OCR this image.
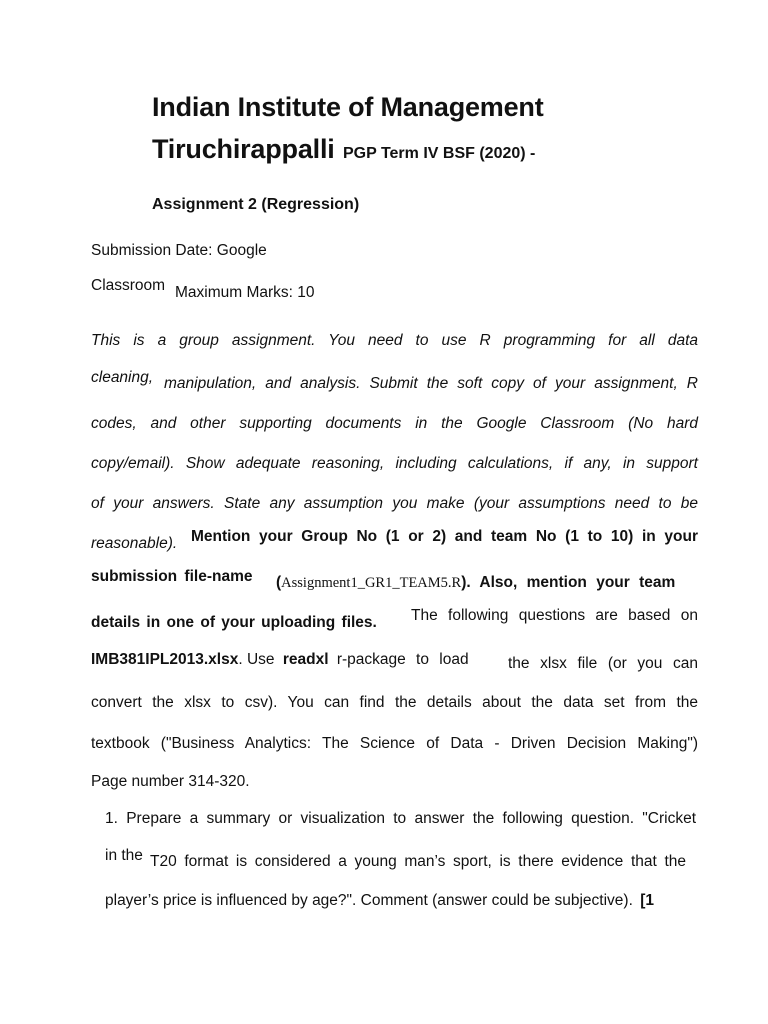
Indian Institute of Management
Tiruchirappalli PGP Term IV BSF (2020) -
Assignment 2 (Regression)
Submission Date: Google
Classroom Maximum Marks: 10
This is a group assignment. You need to use R programming for all data
cleaning, manipulation, and analysis. Submit the soft copy of your assignment, R
codes, and other supporting documents in the Google Classroom (No hard
copy/email). Show adequate reasoning, including calculations, if any, in support
of your answers. State any assumption you make (your assumptions need to be
reasonable). Mention your Group No (1 or 2) and team No (1 to 10) in your
submission file-name (Assignment1_GR1_TEAM5.R). Also, mention your team
details in one of your uploading files. The following questions are based on
IMB381IPL2013.xlsx. Use readxl r-package to load	the xlsx file (or you can
convert the xlsx to csv). You can find the details about the data set from the
textbook ("Business Analytics: The Science of Data - Driven Decision Making")
Page number 314-320.
1. Prepare a summary or visualization to answer the following question. "Cricket
in the T20 format is considered a young man’s sport, is there evidence that the
player’s price is influenced by age?". Comment (answer could be subjective). [1
